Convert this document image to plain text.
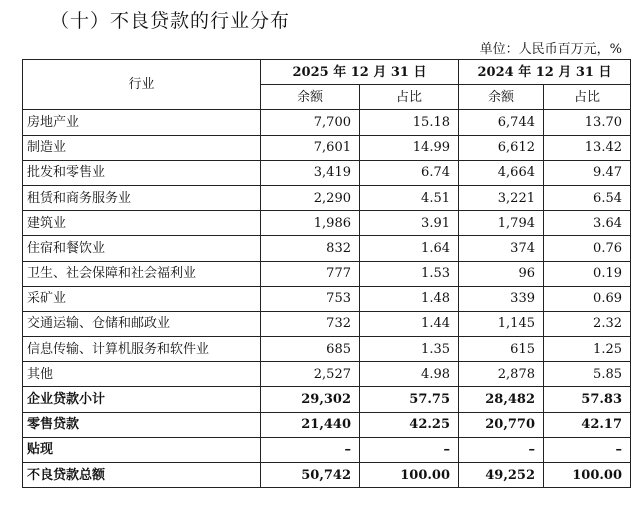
（十）不良贷款的行业分布
单位：人民币百万元，%
行业	2025 年 12 月 31 日		2024 年 12 月 31 日	
	余额	占比	余额	占比
房地产业	7,700	15.18	6,744	13.70
制造业	7,601	14.99	6,612	13.42
批发和零售业	3,419	6.74	4,664	9.47
租赁和商务服务业	2,290	4.51	3,221	6.54
建筑业	1,986	3.91	1,794	3.64
住宿和餐饮业	832	1.64	374	0.76
卫生、社会保障和社会福利业	777	1.53	96	0.19
采矿业	753	1.48	339	0.69
交通运输、仓储和邮政业	732	1.44	1,145	2.32
信息传输、计算机服务和软件业	685	1.35	615	1.25
其他	2,527	4.98	2,878	5.85
企业贷款小计	29,302	57.75	28,482	57.83
零售贷款	21,440	42.25	20,770	42.17
贴现	–	–	–	–
不良贷款总额	50,742	100.00	49,252	100.00
